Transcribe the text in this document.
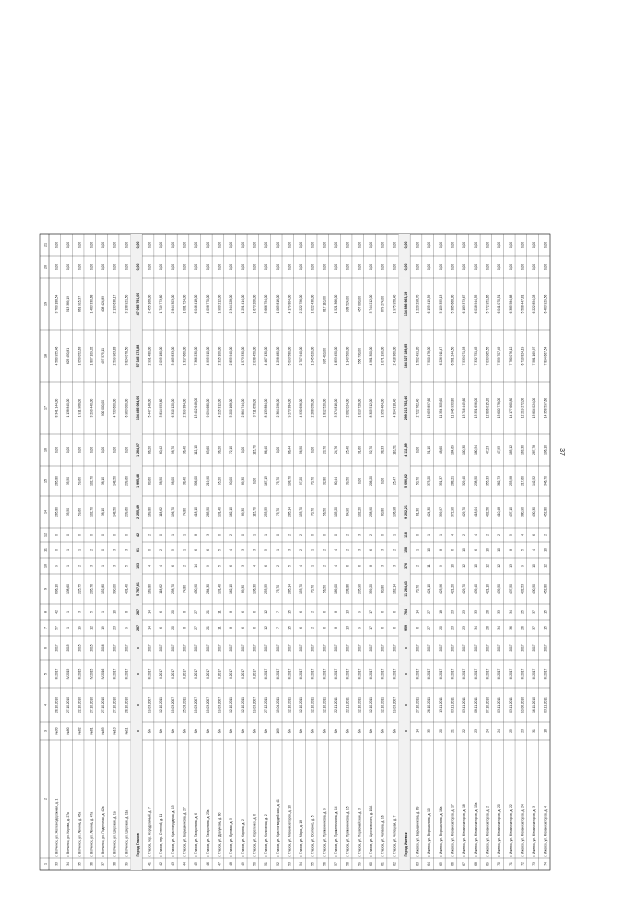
37
1
2
3
4
5
6
7
8
9
10
11
12
14
15
16
17
18
19
20
21
33
г. Вотчинск, ул. Железнодорожная, д. 1
№30
28.10.2010
III.2017
2017
57
42
606,10
9
0
0
265,80
265,80
0,00
8 341 144,00
4 580 955,46
3 760 188,54
0,00
0,00
34
г. Вотчинск, ул. Кирова, д. 27а
№80
27.10.2010
IV.2015
2015
1
1
138,60
1
1
0
35,50
35,50
0,00
1 138 840,00
625 450,81
513 389,19
0,00
0,00
35
г. Вотчинск, ул. Ленина, д. 45а
№82
22.10.2010
III.2015
2015
19
3
225,75
2
1
0
59,60
59,60
0,00
1 911 968,00
1 050 052,63
861 915,37
0,00
0,00
36
г. Вотчинск, ул. Ленина, д. 47а
№81
27.10.2010
IV.2015
2015
12
5
205,76
3
2
0
102,70
102,70
0,00
3 290 440,00
1 807 109,32
1 483 330,68
0,00
0,00
37
г. Вотчинск, ул. Подлесная, д. 42а
№83
27.10.2010
IV.2016
2016
19
1
152,80
1
0
0
38,10
38,10
0,00
900 000,00
497 575,11
408 424,89
0,00
0,00
38
г. Вотчинск, ул. Широкая, д. 1а
№10
27.10.2010
III.2017
2017
23
10
390,00
3
3
0
148,50
148,50
0,00
4 733 600,00
2 599 963,83
2 133 636,17
0,00
0,00
39
г. Вотчинск, ул. Широкая, д. 11а
№11
28.10.2010
III.2017
2017
9
8
431,40
5
3
0
239,60
239,60
0,00
6 963 000,00
3 824 078,50
3 138 921,50
0,00
0,00
Город Глазов
х
х
х
х
287
287
5 787,61
103
61
42
2 255,49
1 995,48
1 264,07
104 465 064,00
57 345 173,88
47 065 791,00
0,00
0,00
41
г. Глазов, пер. Аэродромный, д. 7
б/н
19.03.2007
III.2017
2017
14
14
169,80
4
0
2
169,80
83,60
86,20
5 447 148,00
2 991 480,00
2 455 168,00
0,00
0,00
42
г. Глазов, пер. Степной, д. 11
б/н
12.10.2011
II.2017
2017
6
6
118,62
4
2
0
118,62
58,50
60,42
3 814 953,60
2 095 180,00
1 719 773,60
0,00
0,00
43
г. Глазов, ул. Краснопрудная, д. 13
б/н
19.03.2007
II.2017
2017
20
20
258,70
6
5
1
196,70
98,00
98,70
6 310 120,00
3 465 833,00
2 844 303,00
0,00
0,00
44
г. Глазов, ул. Барышникова, д. 27
б/н
25.03.2011
II.2017
2017
8
8
74,80
2
1
1
74,80
38,40
36,40
2 399 384,00
1 317 660,00
1 081 724,00
0,00
0,00
45
г. Глазов, ул. Гагаринова, д. 6
б/н
19.03.2007
II.2017
2017
27
27
450,90
14
6
8
418,10
306,00
112,10
13 412 648,00
7 366 230,00
6 046 418,00
0,00
0,00
46
г. Глазов, ул. Гагаринова, д. 23а
б/н
19.03.2007
II.2017
2017
21
21
284,30
9
6
3
283,50
219,90
63,60
9 094 680,00
4 995 910,00
4 098 770,00
0,00
0,00
47
г. Глазов, ул. Драгунова, д. 60
б/н
19.03.2007
II.2017
2017
11
11
131,40
5
5
0
131,40
95,20
36,20
4 215 312,00
2 315 100,00
1 900 212,00
0,00
0,00
48
г. Глазов, ул. Луговая, д. 5
б/н
12.10.2011
II.2017
2017
8
8
162,10
6
4
2
162,10
90,00
72,10
5 200 168,00
2 855 940,00
2 344 228,00
0,00
0,00
49
г. Глазов, ул. Кирова, д. 2
б/н
12.10.2011
II.2017
2017
6
6
89,30
3
3
0
89,30
89,30
0,00
2 864 744,00
1 573 330,00
1 291 414,00
0,00
0,00
50
г. Глазов, ул. Короленко, д. 6
б/н
19.03.2007
II.2017
2017
6
6
136,30
4
3
1
115,70
0,00
115,70
3 711 656,00
2 038 450,00
1 673 206,00
0,00
0,00
51
г. Глазов, ул. Колхозная, д. 2
б/н
27.12.2011
III.2017
2017
12
12
253,55
6
5
1
253,55
167,15
86,40
8 133 884,00
4 467 130,00
3 666 754,00
0,00
0,00
52
г. Глазов, ул. Красногвардейская, д. 41
169
19.04.2011
III.2017
2017
7
7
75,70
2
1
0
75,70
75,70
0,00
2 364 296,00
1 298 480,00
1 065 816,00
0,00
0,00
53
г. Глазов, ул. Механизаторов, д. 10
б/н
12.10.2011
III.2017
2017
15
15
285,14
5
3
2
285,14
198,70
86,44
9 273 384,00
5 093 580,00
4 179 804,00
0,00
0,00
54
г. Глазов, ул. Мира, д. 18
б/н
12.10.2011
III.2017
2017
6
6
153,70
4
2
2
153,70
97,20
56,50
4 930 696,00
2 707 940,00
2 222 756,00
0,00
0,00
55
г. Глазов, ул. Осипенко, д. 5
б/н
12.10.2011
III.2017
2017
2
2
70,70
1
1
0
70,70
70,70
0,00
2 268 056,00
1 245 620,00
1 022 436,00
0,00
0,00
56
г. Глазов, ул. Пряженникова, д. 9
б/н
12.10.2011
III.2017
2017
6
6
56,50
2
2
0
56,50
32,80
23,70
1 812 520,00
995 410,00
817 110,00
0,00
0,00
57
г. Глазов, ул. Пряженникова, д. 14
б/н
22.11.2011
III.2017
2017
8
8
189,00
4
4
0
105,20
80,44
24,76
3 374 816,00
1 853 450,00
1 521 366,00
0,00
0,00
58
г. Глазов, ул. Пряженникова, д. 15
б/н
22.11.2011
III.2017
2017
13
13
238,86
6
2
2
64,90
39,50
25,40
2 082 024,00
1 143 500,00
938 524,00
0,00
0,00
59
г. Глазов, ул. Первомайская, д. 3
б/н
12.10.2011
III.2017
2017
9
9
235,90
6
3
3
102,20
0,00
31,60
1 013 728,00
556 730,00
457 000,00
0,00
0,00
60
г. Глазов, ул. Циолковского, д. 10А
б/н
12.10.2011
III.2017
2017
17
17
359,20
8
6
2
258,90
206,20
52,70
8 305 512,00
4 561 300,00
3 744 212,00
0,00
0,00
61
г. Глазов, ул. Чапаева, д. 16
б/н
12.10.2011
III.2017
2017
6
6
60,80
3
3
0
60,80
0,00
38,33
1 950 464,00
1 071 190,00
879 274,00
0,00
0,00
62
г. Глазов, ул. Чепецкая, д. 7
б/н
19.03.2007
III.2017
2017
6
6
162,14
3
2
1
136,98
25,47
110,51
4 394 318,40
2 418 360,00
1 975 958,40
0,00
0,00
Город Ижевск
х
х
х
х
959
764
11 264,43
376
158
118
9 202,21
5 090,62
4 111,89
299 213 762,40
164 327 189,85
134 886 663,19
0,00
0,00
63
г. Ижевск, ул. Барышникова, д. 89
14
27.10.2011
III.2017
2017
6
14
70,70
2
1
0
61,30
50,70
0,00
2 722 762,40
1 502 491,20
1 220 298,70
0,00
0,00
64
г. Ижевск, ул. Ворошилова, д. 10
35
26.10.2011
III.2017
2017
27
27
424,10
11
10
1
424,30
373,20
51,10
13 655 897,60
7 500 478,00
6 155 419,59
0,00
0,00
65
г. Ижевск, ул. Ворошилова, д. 16а
20
13.11.2011
III.2017
2017
20
18
423,96
9
8
1
399,97
351,37
48,60
11 354 305,60
6 226 911,47
5 109 355,13
0,00
0,00
66
г. Ижевск, ул. Механизаторов, д. 17
21
03.11.2011
III.2017
2017
23
23
421,20
10
6
4
372,90
288,21
184,69
11 946 933,80
6 561 244,50
5 385 668,30
0,00
0,00
67
г. Ижевск, ул. Механизаторов, д. 18
22
03.11.2011
III.2017
2017
23
23
429,70
12
10
2
429,70
329,40
100,30
13 716 445,60
7 533 071,93
6 183 373,67
0,00
0,00
68
г. Ижевск, ул. Механизаторов, д. 19а
23
08.11.2011
III.2017
2017
34
33
439,40
10
6
4
418,04
238,50
180,54
13 351 696,00
7 332 751,45
6 018 944,55
0,00
0,00
69
г. Ижевск, ул. Механизаторов, д. 2
24
07.10.2010
III.2017
2017
28
28
421,10
12
10
2
402,56
355,33
47,23
12 806 015,20
7 033 065,55
5 772 951,65
0,00
0,00
70
г. Ижевск, ул. Механизаторов, д. 20
24
03.11.2011
III.2017
2017
34
33
439,50
12
10
2
410,48
362,73
47,95
13 600 778,00
7 559 707,49
6 041 070,51
0,00
0,00
71
г. Ижевск, ул. Механизаторов, д. 22
25
03.11.2011
III.2017
2017
36
34
437,50
13
8
5
437,10
253,98
183,12
14 177 660,80
7 780 076,12
6 385 584,68
0,00
0,00
72
г. Ижевск, ул. Механизаторов, д. 24
23
10.06.2010
III.2017
2017
26
25
432,53
9
5
4
380,90
217,60
163,30
12 219 272,00
6 710 824,19
5 508 447,81
0,00
0,00
73
г. Ижевск, ул. Механизаторов, д. 3
31
16.11.2010
III.2017
2017
37
37
430,50
10
4
6
430,30
142,52
287,78
13 804 024,00
7 581 169,97
6 222 854,03
0,00
0,00
74
г. Ижевск, ул. Механизаторов, д. 4
18
03.11.2011
III.2017
2017
15
15
452,80
12
10
2
452,80
346,70
106,10
14 358 597,60
7 894 667,54
6 463 929,56
0,00
0,00
